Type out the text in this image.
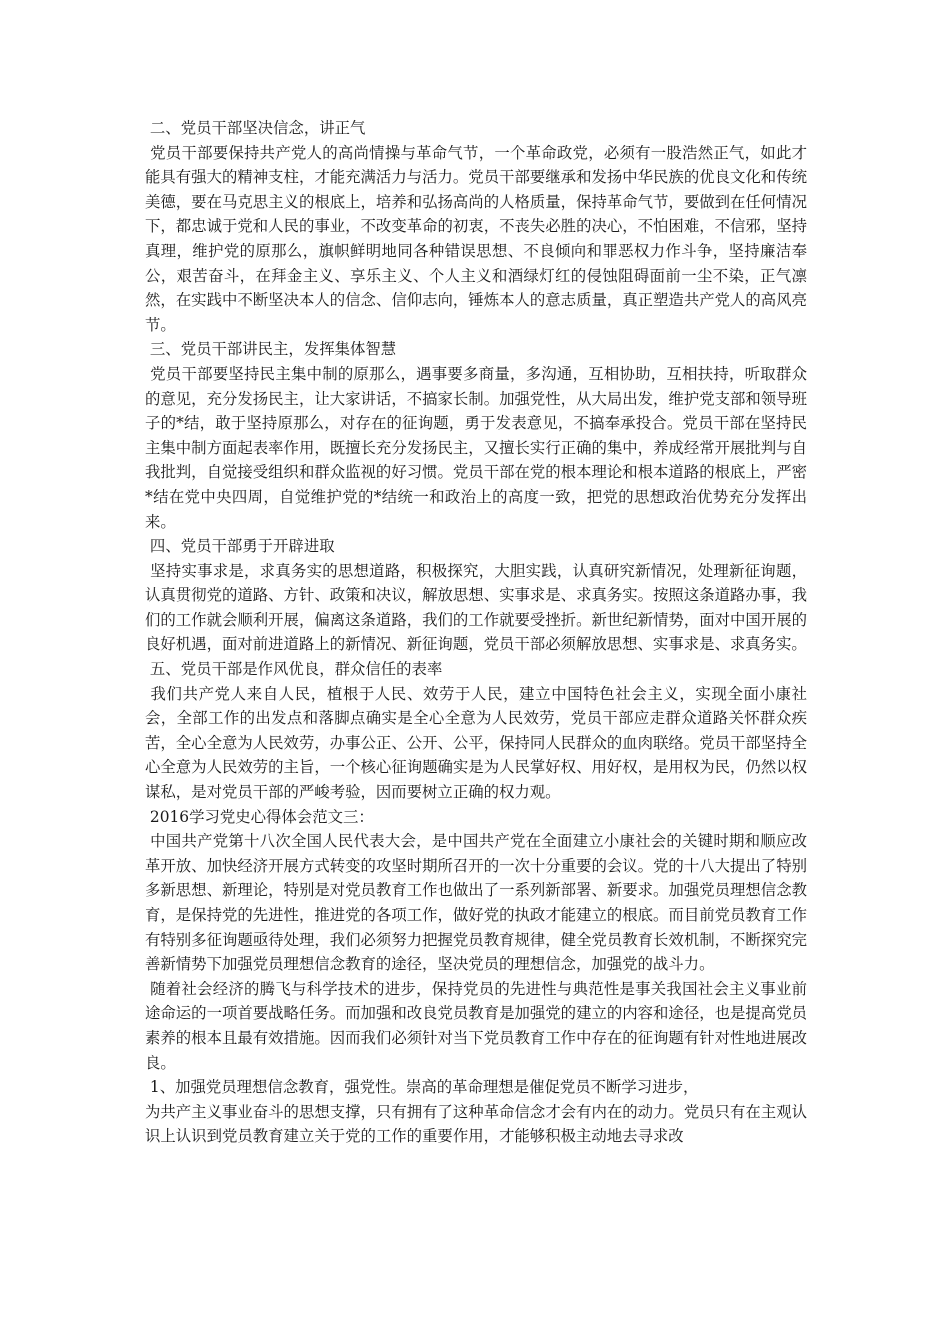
二、党员干部坚决信念，讲正气
党员干部要保持共产党人的高尚情操与革命气节，一个革命政党，必须有一股浩然正气，如此才能具有强大的精神支柱，才能充满活力与活力。党员干部要继承和发扬中华民族的优良文化和传统美德，要在马克思主义的根底上，培养和弘扬高尚的人格质量，保持革命气节，要做到在任何情况下，都忠诚于党和人民的事业，不改变革命的初衷，不丧失必胜的决心，不怕困难，不信邪，坚持真理，维护党的原那么，旗帜鲜明地同各种错误思想、不良倾向和罪恶权力作斗争，坚持廉洁奉公，艰苦奋斗，在拜金主义、享乐主义、个人主义和酒绿灯红的侵蚀阻碍面前一尘不染，正气凛然，在实践中不断坚决本人的信念、信仰志向，锤炼本人的意志质量，真正塑造共产党人的高风亮节。
三、党员干部讲民主，发挥集体智慧
党员干部要坚持民主集中制的原那么，遇事要多商量，多沟通，互相协助，互相扶持，听取群众的意见，充分发扬民主，让大家讲话，不搞家长制。加强党性，从大局出发，维护党支部和领导班子的*结，敢于坚持原那么，对存在的征询题，勇于发表意见，不搞奉承投合。党员干部在坚持民主集中制方面起表率作用，既擅长充分发扬民主，又擅长实行正确的集中，养成经常开展批判与自我批判，自觉接受组织和群众监视的好习惯。党员干部在党的根本理论和根本道路的根底上，严密*结在党中央四周，自觉维护党的*结统一和政治上的高度一致，把党的思想政治优势充分发挥出来。
四、党员干部勇于开辟进取
坚持实事求是，求真务实的思想道路，积极探究，大胆实践，认真研究新情况，处理新征询题，认真贯彻党的道路、方针、政策和决议，解放思想、实事求是、求真务实。按照这条道路办事，我们的工作就会顺利开展，偏离这条道路，我们的工作就要受挫折。新世纪新情势，面对中国开展的良好机遇，面对前进道路上的新情况、新征询题，党员干部必须解放思想、实事求是、求真务实。
五、党员干部是作风优良，群众信任的表率
我们共产党人来自人民，植根于人民、效劳于人民，建立中国特色社会主义，实现全面小康社会，全部工作的出发点和落脚点确实是全心全意为人民效劳，党员干部应走群众道路关怀群众疾苦，全心全意为人民效劳，办事公正、公开、公平，保持同人民群众的血肉联络。党员干部坚持全心全意为人民效劳的主旨，一个核心征询题确实是为人民掌好权、用好权，是用权为民，仍然以权谋私，是对党员干部的严峻考验，因而要树立正确的权力观。
2016学习党史心得体会范文三：
中国共产党第十八次全国人民代表大会，是中国共产党在全面建立小康社会的关键时期和顺应改革开放、加快经济开展方式转变的攻坚时期所召开的一次十分重要的会议。党的十八大提出了特别多新思想、新理论，特别是对党员教育工作也做出了一系列新部署、新要求。加强党员理想信念教育，是保持党的先进性，推进党的各项工作，做好党的执政才能建立的根底。而目前党员教育工作有特别多征询题亟待处理，我们必须努力把握党员教育规律，健全党员教育长效机制，不断探究完善新情势下加强党员理想信念教育的途径，坚决党员的理想信念，加强党的战斗力。
随着社会经济的腾飞与科学技术的进步，保持党员的先进性与典范性是事关我国社会主义事业前途命运的一项首要战略任务。而加强和改良党员教育是加强党的建立的内容和途径，也是提高党员素养的根本且最有效措施。因而我们必须针对当下党员教育工作中存在的征询题有针对性地进展改良。
1、加强党员理想信念教育，强党性。崇高的革命理想是催促党员不断学习进步，
为共产主义事业奋斗的思想支撑，只有拥有了这种革命信念才会有内在的动力。党员只有在主观认识上认识到党员教育建立关于党的工作的重要作用，才能够积极主动地去寻求改
